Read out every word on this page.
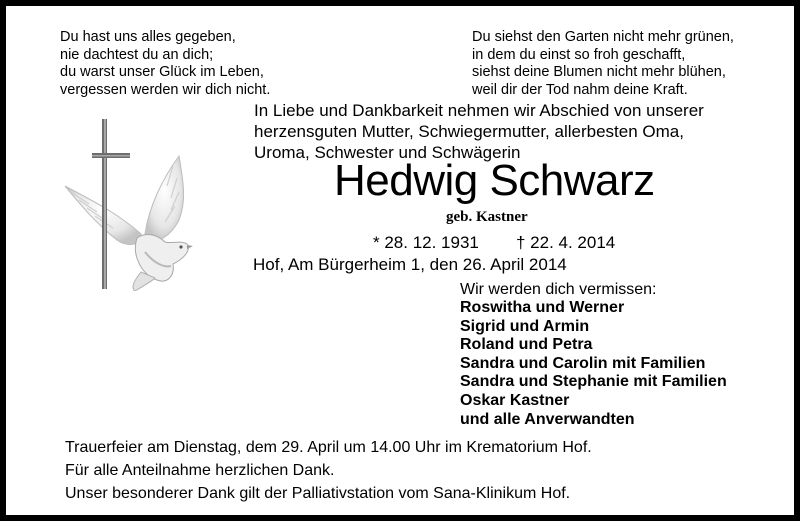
Du hast uns alles gegeben,
nie dachtest du an dich;
du warst unser Glück im Leben,
vergessen werden wir dich nicht.
Du siehst den Garten nicht mehr grünen,
in dem du einst so froh geschafft,
siehst deine Blumen nicht mehr blühen,
weil dir der Tod nahm deine Kraft.
In Liebe und Dankbarkeit nehmen wir Abschied von unserer
herzensguten Mutter, Schwiegermutter, allerbesten Oma,
Uroma, Schwester und Schwägerin
Hedwig Schwarz
geb. Kastner
* 28. 12. 1931 † 22. 4. 2014
Hof, Am Bürgerheim 1, den 26. April 2014
Wir werden dich vermissen:
Roswitha und Werner
Sigrid und Armin
Roland und Petra
Sandra und Carolin mit Familien
Sandra und Stephanie mit Familien
Oskar Kastner
und alle Anverwandten
Trauerfeier am Dienstag, dem 29. April um 14.00 Uhr im Krematorium Hof.
Für alle Anteilnahme herzlichen Dank.
Unser besonderer Dank gilt der Palliativstation vom Sana-Klinikum Hof.
